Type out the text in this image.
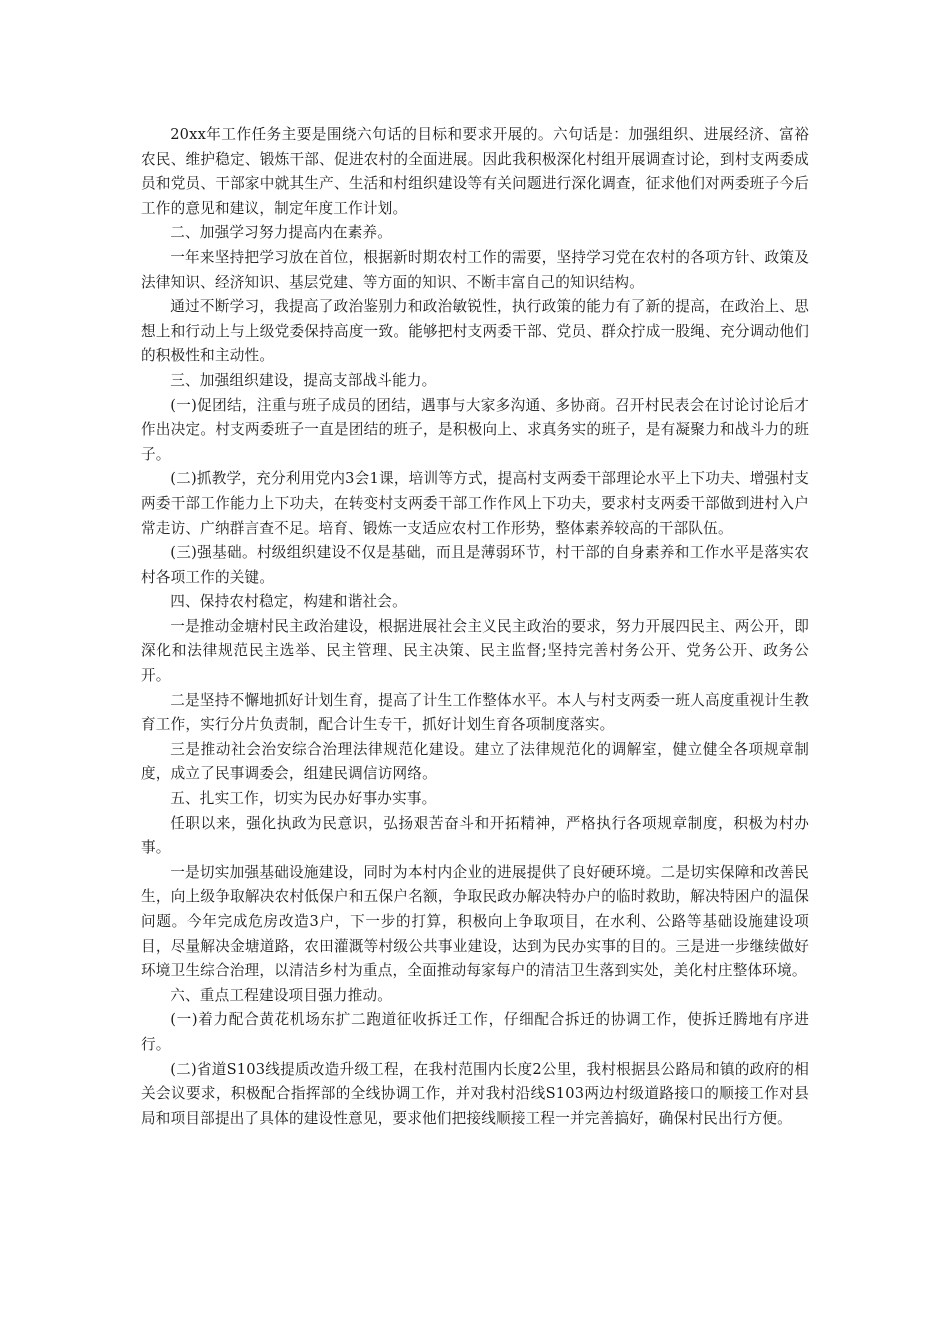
20xx年工作任务主要是围绕六句话的目标和要求开展的。六句话是：加强组织、进展经济、富裕农民、维护稳定、锻炼干部、促进农村的全面进展。因此我积极深化村组开展调查讨论，到村支两委成员和党员、干部家中就其生产、生活和村组织建设等有关问题进行深化调查，征求他们对两委班子今后工作的意见和建议，制定年度工作计划。

二、加强学习努力提高内在素养。

一年来坚持把学习放在首位，根据新时期农村工作的需要，坚持学习党在农村的各项方针、政策及法律知识、经济知识、基层党建、等方面的知识、不断丰富自己的知识结构。

通过不断学习，我提高了政治鉴别力和政治敏锐性，执行政策的能力有了新的提高，在政治上、思想上和行动上与上级党委保持高度一致。能够把村支两委干部、党员、群众拧成一股绳、充分调动他们的积极性和主动性。

三、加强组织建设，提高支部战斗能力。

(一)促团结，注重与班子成员的团结，遇事与大家多沟通、多协商。召开村民表会在讨论讨论后才作出决定。村支两委班子一直是团结的班子，是积极向上、求真务实的班子，是有凝聚力和战斗力的班子。

(二)抓教学，充分利用党内3会1课，培训等方式，提高村支两委干部理论水平上下功夫、增强村支两委干部工作能力上下功夫，在转变村支两委干部工作作风上下功夫，要求村支两委干部做到进村入户常走访、广纳群言查不足。培育、锻炼一支适应农村工作形势，整体素养较高的干部队伍。

(三)强基础。村级组织建设不仅是基础，而且是薄弱环节，村干部的自身素养和工作水平是落实农村各项工作的关键。

四、保持农村稳定，构建和谐社会。

一是推动金塘村民主政治建设，根据进展社会主义民主政治的要求，努力开展四民主、两公开，即深化和法律规范民主选举、民主管理、民主决策、民主监督;坚持完善村务公开、党务公开、政务公开。

二是坚持不懈地抓好计划生育，提高了计生工作整体水平。本人与村支两委一班人高度重视计生教育工作，实行分片负责制，配合计生专干，抓好计划生育各项制度落实。

三是推动社会治安综合治理法律规范化建设。建立了法律规范化的调解室，健立健全各项规章制度，成立了民事调委会，组建民调信访网络。

五、扎实工作，切实为民办好事办实事。

任职以来，强化执政为民意识，弘扬艰苦奋斗和开拓精神，严格执行各项规章制度，积极为村办事。

一是切实加强基础设施建设，同时为本村内企业的进展提供了良好硬环境。二是切实保障和改善民生，向上级争取解决农村低保户和五保户名额，争取民政办解决特办户的临时救助，解决特困户的温保问题。今年完成危房改造3户，下一步的打算，积极向上争取项目，在水利、公路等基础设施建设项目，尽量解决金塘道路，农田灌溉等村级公共事业建设，达到为民办实事的目的。三是进一步继续做好环境卫生综合治理，以清洁乡村为重点，全面推动每家每户的清洁卫生落到实处，美化村庄整体环境。

六、重点工程建设项目强力推动。

(一)着力配合黄花机场东扩二跑道征收拆迁工作，仔细配合拆迁的协调工作，使拆迁腾地有序进行。

(二)省道S103线提质改造升级工程，在我村范围内长度2公里，我村根据县公路局和镇的政府的相关会议要求，积极配合指挥部的全线协调工作，并对我村沿线S103两边村级道路接口的顺接工作对县局和项目部提出了具体的建设性意见，要求他们把接线顺接工程一并完善搞好，确保村民出行方便。
